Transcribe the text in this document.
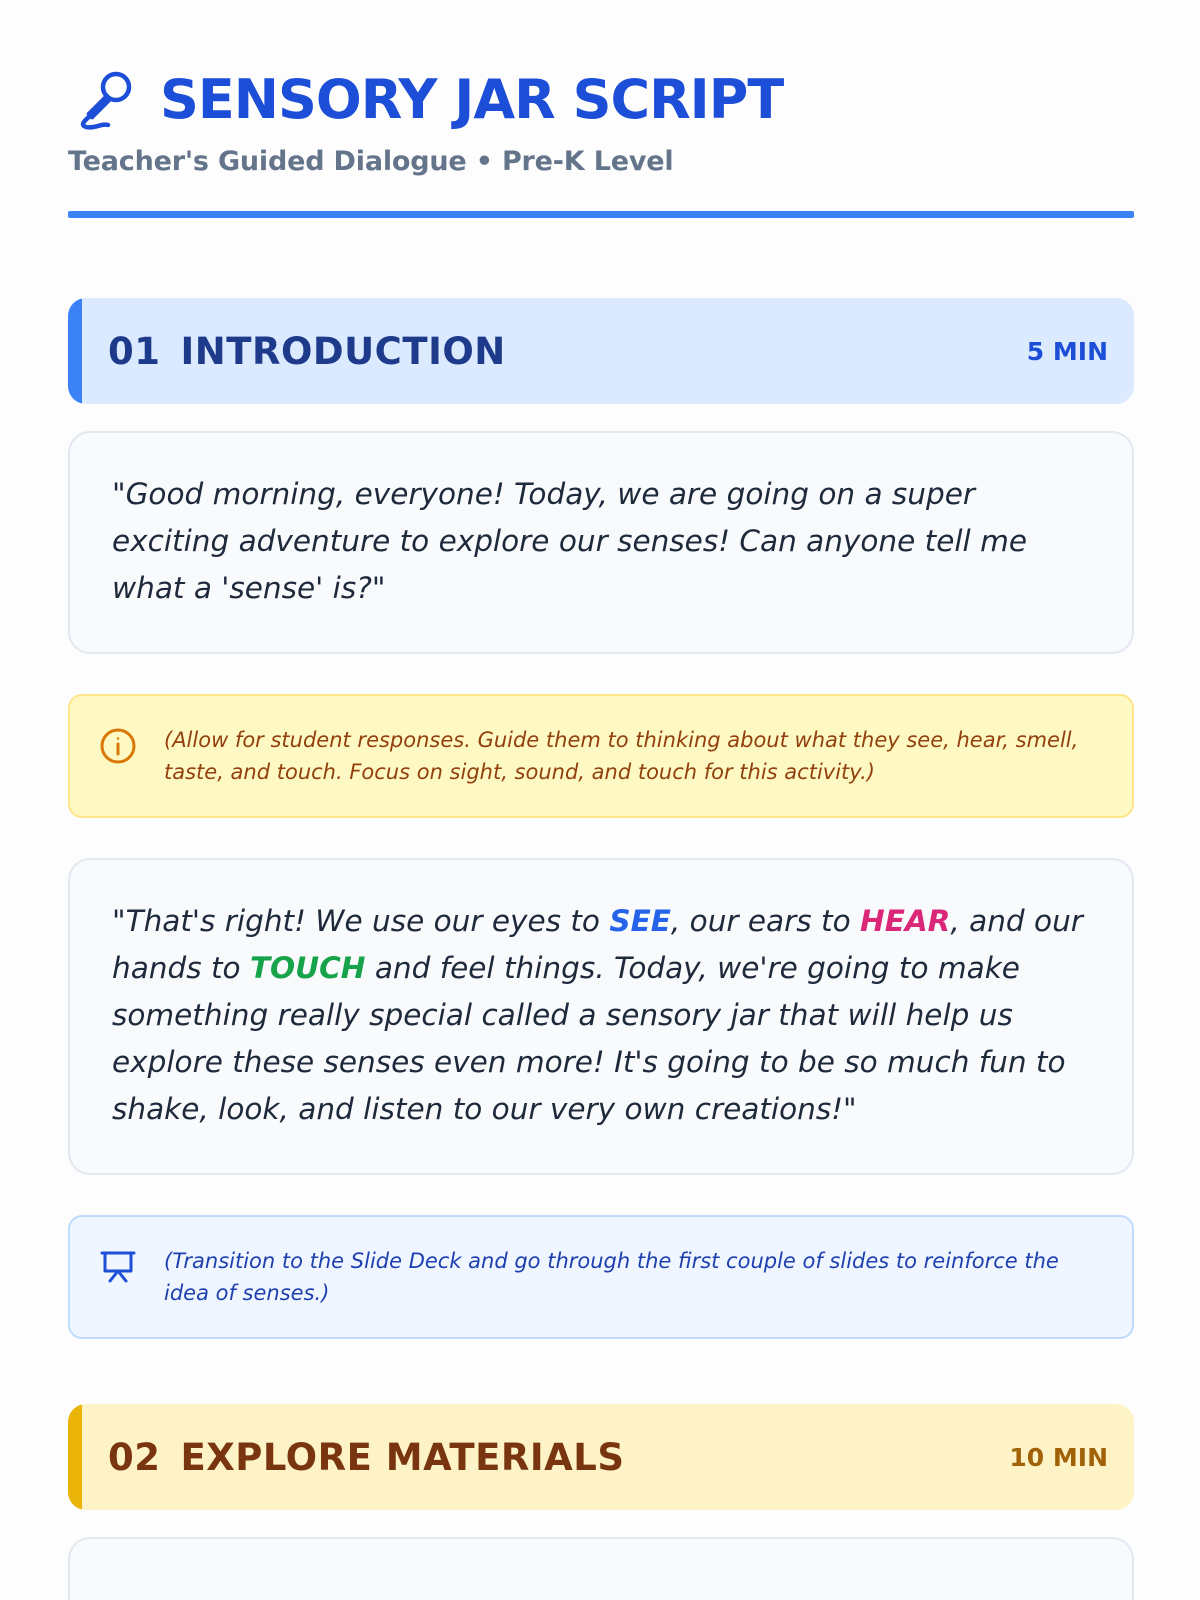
SENSORY JAR SCRIPT
Teacher's Guided Dialogue • Pre-K Level
01 INTRODUCTION	5 MIN

"Good morning, everyone! Today, we are going on a super exciting adventure to explore our senses! Can anyone tell me what a 'sense' is?"

(Allow for student responses. Guide them to thinking about what they see, hear, smell, taste, and touch. Focus on sight, sound, and touch for this activity.)

"That's right! We use our eyes to SEE, our ears to HEAR, and our hands to TOUCH and feel things. Today, we're going to make something really special called a sensory jar that will help us explore these senses even more! It's going to be so much fun to shake, look, and listen to our very own creations!"

(Transition to the Slide Deck and go through the first couple of slides to reinforce the idea of senses.)

02 EXPLORE MATERIALS	10 MIN
